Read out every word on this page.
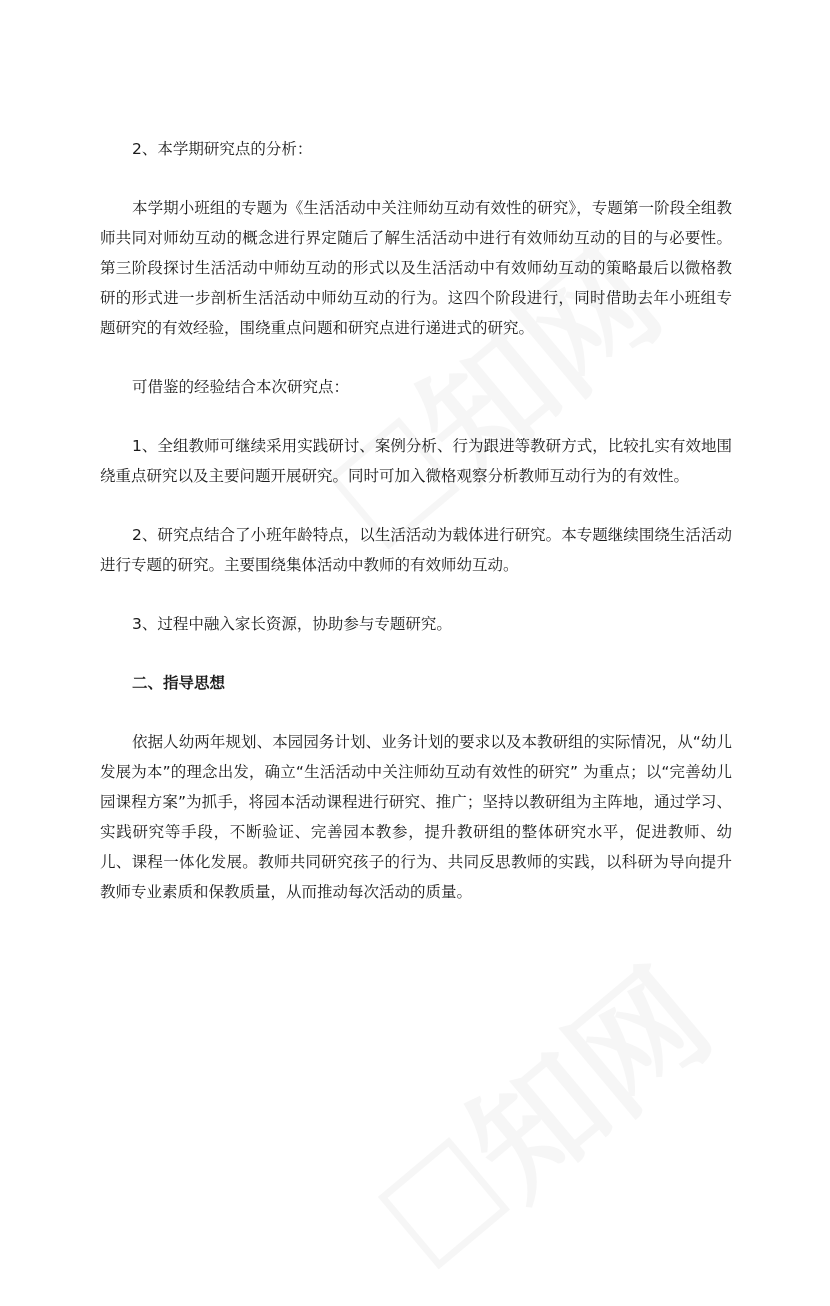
2、本学期研究点的分析：
本学期小班组的专题为《生活活动中关注师幼互动有效性的研究》，专题第一阶段全组教师共同对师幼互动的概念进行界定随后了解生活活动中进行有效师幼互动的目的与必要性。第三阶段探讨生活活动中师幼互动的形式以及生活活动中有效师幼互动的策略最后以微格教研的形式进一步剖析生活活动中师幼互动的行为。这四个阶段进行，同时借助去年小班组专题研究的有效经验，围绕重点问题和研究点进行递进式的研究。
可借鉴的经验结合本次研究点：
1、全组教师可继续采用实践研讨、案例分析、行为跟进等教研方式，比较扎实有效地围绕重点研究以及主要问题开展研究。同时可加入微格观察分析教师互动行为的有效性。
2、研究点结合了小班年龄特点，以生活活动为载体进行研究。本专题继续围绕生活活动进行专题的研究。主要围绕集体活动中教师的有效师幼互动。
3、过程中融入家长资源，协助参与专题研究。
二、指导思想
依据人幼两年规划、本园园务计划、业务计划的要求以及本教研组的实际情况，从“幼儿发展为本”的理念出发，确立“生活活动中关注师幼互动有效性的研究” 为重点；以“完善幼儿园课程方案”为抓手，将园本活动课程进行研究、推广；坚持以教研组为主阵地，通过学习、实践研究等手段，不断验证、完善园本教参，提升教研组的整体研究水平，促进教师、幼儿、课程一体化发展。教师共同研究孩子的行为、共同反思教师的实践，以科研为导向提升教师专业素质和保教质量，从而推动每次活动的质量。
